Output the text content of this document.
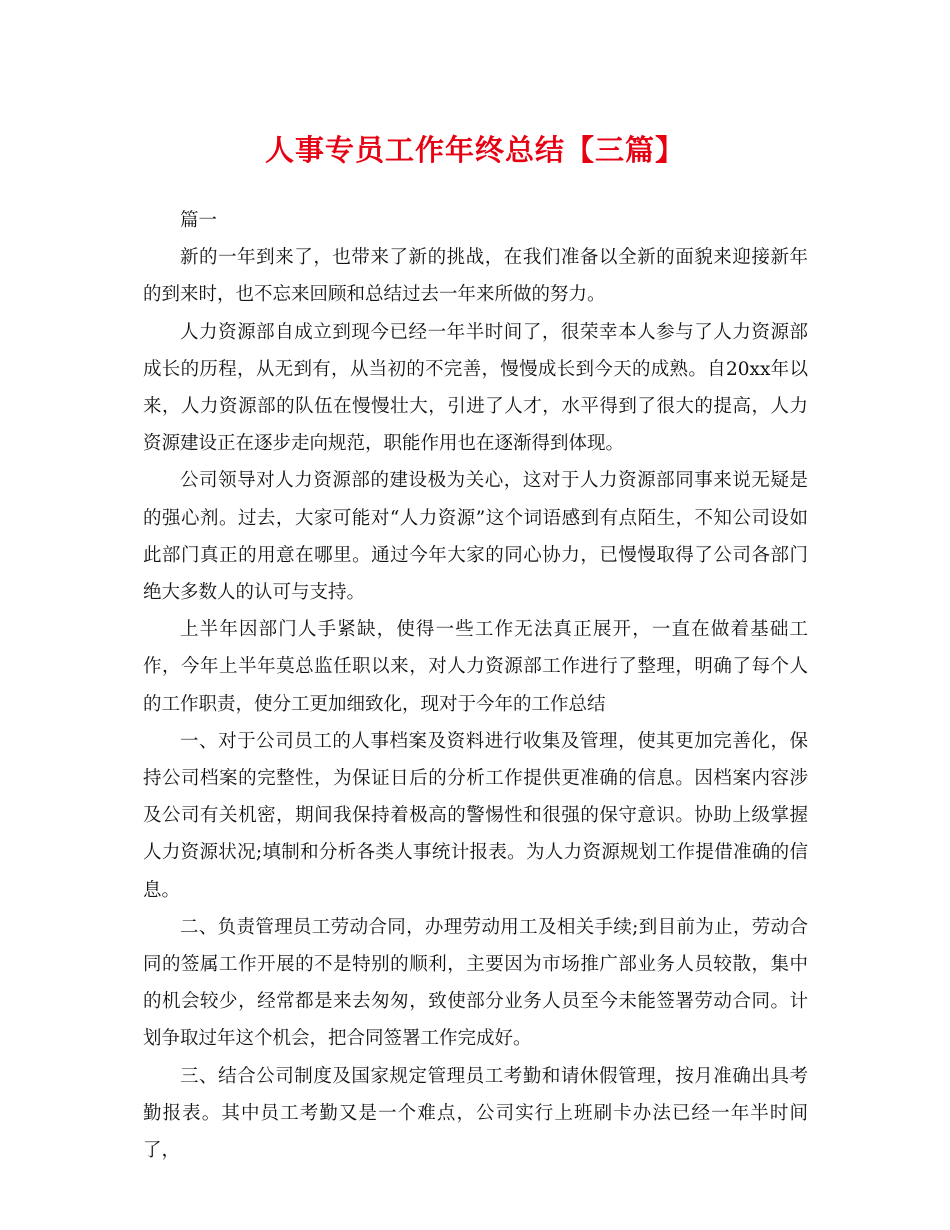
人事专员工作年终总结【三篇】

篇一

新的一年到来了，也带来了新的挑战，在我们准备以全新的面貌来迎接新年的到来时，也不忘来回顾和总结过去一年来所做的努力。

人力资源部自成立到现今已经一年半时间了，很荣幸本人参与了人力资源部成长的历程，从无到有，从当初的不完善，慢慢成长到今天的成熟。自20xx年以来，人力资源部的队伍在慢慢壮大，引进了人才，水平得到了很大的提高，人力资源建设正在逐步走向规范，职能作用也在逐渐得到体现。

公司领导对人力资源部的建设极为关心，这对于人力资源部同事来说无疑是的强心剂。过去，大家可能对“人力资源”这个词语感到有点陌生，不知公司设如此部门真正的用意在哪里。通过今年大家的同心协力，已慢慢取得了公司各部门绝大多数人的认可与支持。

上半年因部门人手紧缺，使得一些工作无法真正展开，一直在做着基础工作，今年上半年莫总监任职以来，对人力资源部工作进行了整理，明确了每个人的工作职责，使分工更加细致化，现对于今年的工作总结

一、对于公司员工的人事档案及资料进行收集及管理，使其更加完善化，保持公司档案的完整性，为保证日后的分析工作提供更准确的信息。因档案内容涉及公司有关机密，期间我保持着极高的警惕性和很强的保守意识。协助上级掌握人力资源状况;填制和分析各类人事统计报表。为人力资源规划工作提借准确的信息。

二、负责管理员工劳动合同，办理劳动用工及相关手续;到目前为止，劳动合同的签属工作开展的不是特别的顺利，主要因为市场推广部业务人员较散，集中的机会较少，经常都是来去匆匆，致使部分业务人员至今未能签署劳动合同。计划争取过年这个机会，把合同签署工作完成好。

三、结合公司制度及国家规定管理员工考勤和请休假管理，按月准确出具考勤报表。其中员工考勤又是一个难点，公司实行上班刷卡办法已经一年半时间了，
